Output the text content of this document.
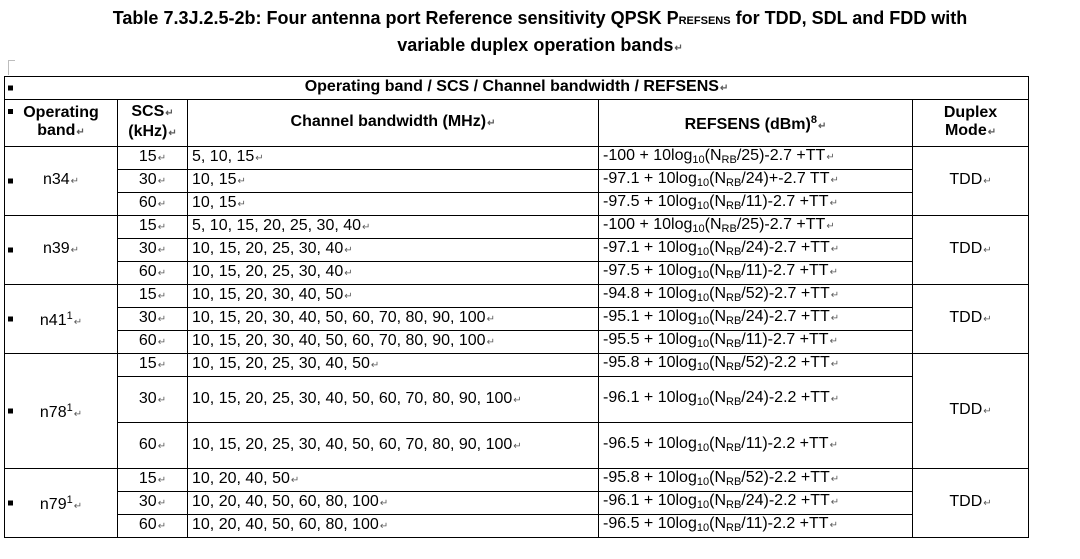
Table 7.3J.2.5-2b: Four antenna port Reference sensitivity QPSK PREFSENS for TDD, SDL and FDD with
variable duplex operation bands↵
Operating band / SCS / Channel bandwidth / REFSENS↵				

Operating band↵	SCS↵
(kHz)↵	Channel bandwidth (MHz)↵	REFSENS (dBm)$^8$↵	Duplex
Mode↵

n34↵	15↵	5, 10, 15↵	$-100 + 10\log_{10}(N_{RB}/25)-2.7$ +TT↵	TDD↵
	30↵	10, 15↵	$-97.1 + 10\log_{10}(N_{RB}/24)+-2.7$ TT↵	
	60↵	10, 15↵	$-97.5 + 10\log_{10}(N_{RB}/11)-2.7$ +TT↵	

n39↵	15↵	5, 10, 15, 20, 25, 30, 40↵	$-100 + 10\log_{10}(N_{RB}/25)-2.7$ +TT↵	TDD↵
	30↵	10, 15, 20, 25, 30, 40↵	$-97.1 + 10\log_{10}(N_{RB}/24)-2.7$ +TT↵	
	60↵	10, 15, 20, 25, 30, 40↵	$-97.5 + 10\log_{10}(N_{RB}/11)-2.7$ +TT↵	

$n41^1↵$	15↵	10, 15, 20, 30, 40, 50↵	$-94.8 + 10\log_{10}(N_{RB}/52)-2.7$ +TT↵	TDD↵
	30↵	10, 15, 20, 30, 40, 50, 60, 70, 80, 90, 100↵	$-95.1 + 10\log_{10}(N_{RB}/24)-2.7$ +TT↵	
	60↵	10, 15, 20, 30, 40, 50, 60, 70, 80, 90, 100↵	$-95.5 + 10\log_{10}(N_{RB}/11)-2.7$ +TT↵	

$n78^1↵$	15↵	10, 15, 20, 25, 30, 40, 50↵	$-95.8 + 10\log_{10}(N_{RB}/52)-2.2$ +TT↵	TDD↵
	30↵	10, 15, 20, 25, 30, 40, 50, 60, 70, 80, 90, 100↵	$-96.1 + 10\log_{10}(N_{RB}/24)-2.2$ +TT↵	
	60↵	10, 15, 20, 25, 30, 40, 50, 60, 70, 80, 90, 100↵	$-96.5 + 10\log_{10}(N_{RB}/11)-2.2$ +TT↵	

$n79^1↵$	15↵	10, 20, 40, 50↵	$-95.8 + 10\log_{10}(N_{RB}/52)-2.2$ +TT↵	TDD↵
	30↵	10, 20, 40, 50, 60, 80, 100↵	$-96.1 + 10\log_{10}(N_{RB}/24)-2.2$ +TT↵	
	60↵	10, 20, 40, 50, 60, 80, 100↵	$-96.5 + 10\log_{10}(N_{RB}/11)-2.2$ +TT↵	
